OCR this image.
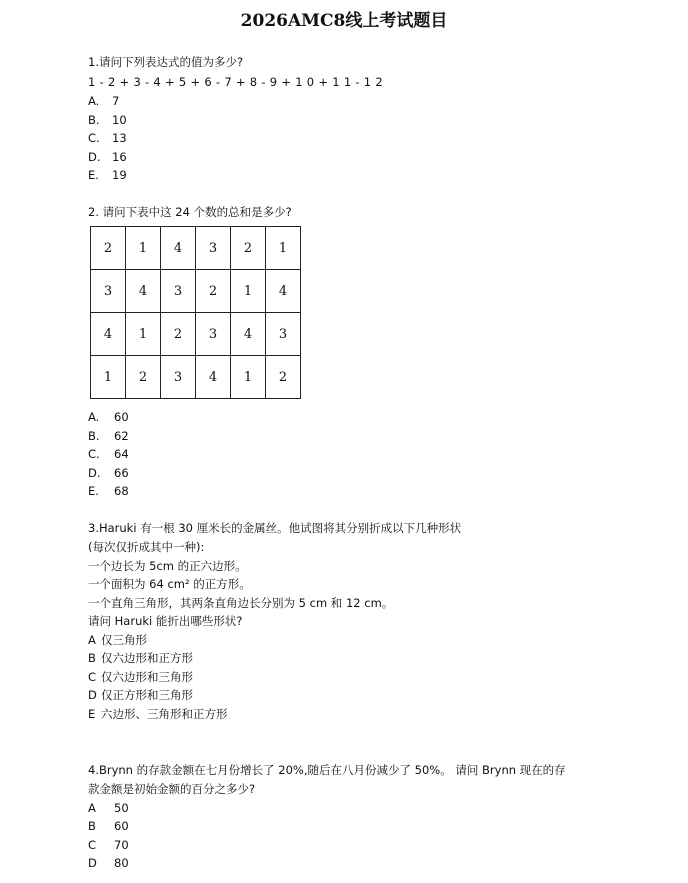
2026AMC8线上考试题目
1.请问下列表达式的值为多少?
1 - 2 + 3 - 4 + 5 + 6 - 7 + 8 - 9 + 1 0 + 1 1 - 1 2
A. 7
B. 10
C. 13
D. 16
E. 19
2. 请问下表中这 24 个数的总和是多少?
2	1	4	3	2	1
3	4	3	2	1	4
4	1	2	3	4	3
1	2	3	4	1	2
A. 60
B. 62
C. 64
D. 66
E. 68
3.Haruki 有一根 30 厘米长的金属丝。他试图将其分别折成以下几种形状
(每次仅折成其中一种):
一个边长为 5cm 的正六边形。
一个面积为 64 cm² 的正方形。
一个直角三角形，其两条直角边长分别为 5 cm 和 12 cm。
请问 Haruki 能折出哪些形状?
A 仅三角形
B 仅六边形和正方形
C 仅六边形和三角形
D 仅正方形和三角形
E 六边形、三角形和正方形
4.Brynn 的存款金额在七月份增长了 20%,随后在八月份减少了 50%。 请问 Brynn 现在的存
款金额是初始金额的百分之多少?
A 50
B 60
C 70
D 80
